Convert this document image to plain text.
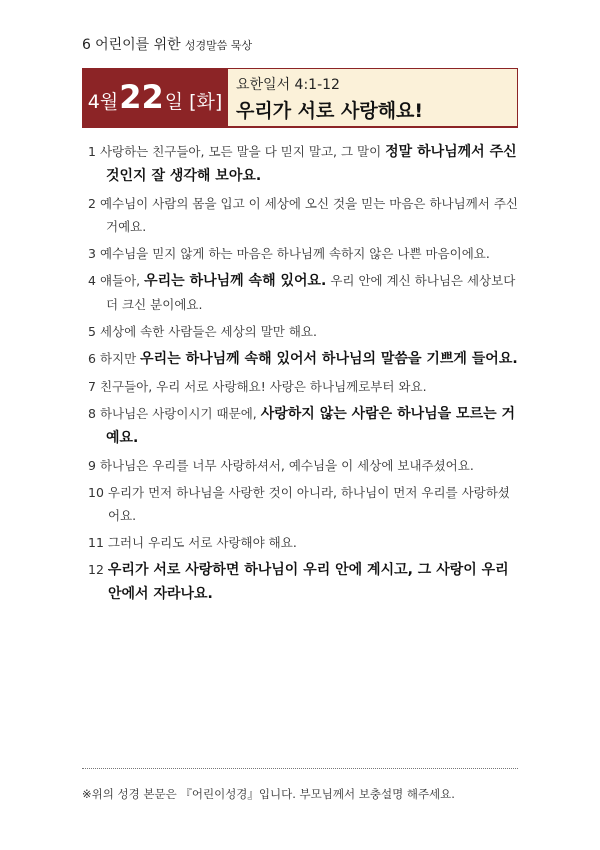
6 어린이를 위한 성경말씀 묵상
4월 22 일 [화]
요한일서 4:1-12
우리가 서로 사랑해요!
1 사랑하는 친구들아, 모든 말을 다 믿지 말고, 그 말이 정말 하나님께서 주신 것인지 잘 생각해 보아요.
2 예수님이 사람의 몸을 입고 이 세상에 오신 것을 믿는 마음은 하나님께서 주신 거예요.
3 예수님을 믿지 않게 하는 마음은 하나님께 속하지 않은 나쁜 마음이에요.
4 얘들아, 우리는 하나님께 속해 있어요. 우리 안에 계신 하나님은 세상보다 더 크신 분이에요.
5 세상에 속한 사람들은 세상의 말만 해요.
6 하지만 우리는 하나님께 속해 있어서 하나님의 말씀을 기쁘게 들어요.
7 친구들아, 우리 서로 사랑해요! 사랑은 하나님께로부터 와요.
8 하나님은 사랑이시기 때문에, 사랑하지 않는 사람은 하나님을 모르는 거예요.
9 하나님은 우리를 너무 사랑하셔서, 예수님을 이 세상에 보내주셨어요.
10 우리가 먼저 하나님을 사랑한 것이 아니라, 하나님이 먼저 우리를 사랑하셨어요.
11 그러니 우리도 서로 사랑해야 해요.
12 우리가 서로 사랑하면 하나님이 우리 안에 계시고, 그 사랑이 우리 안에서 자라나요.
※위의 성경 본문은 『어린이성경』입니다. 부모님께서 보충설명 해주세요.
